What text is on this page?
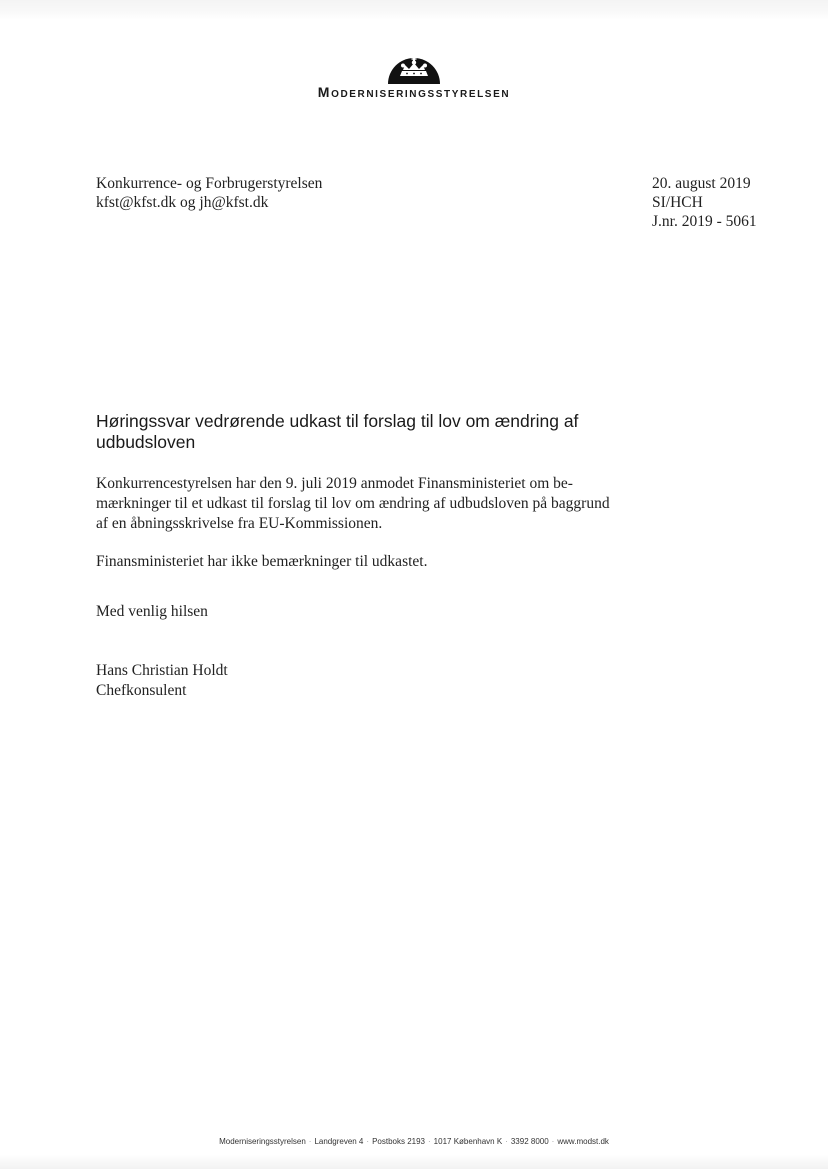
MODERNISERINGSSTYRELSEN
Konkurrence- og Forbrugerstyrelsen
kfst@kfst.dk og jh@kfst.dk
20. august 2019
SI/HCH
J.nr. 2019 - 5061
Høringssvar vedrørende udkast til forslag til lov om ændring af
udbudsloven
Konkurrencestyrelsen har den 9. juli 2019 anmodet Finansministeriet om be-
mærkninger til et udkast til forslag til lov om ændring af udbudsloven på baggrund
af en åbningsskrivelse fra EU-Kommissionen.
Finansministeriet har ikke bemærkninger til udkastet.
Med venlig hilsen
Hans Christian Holdt
Chefkonsulent
Moderniseringsstyrelsen · Landgreven 4 · Postboks 2193 · 1017 København K · 3392 8000 · www.modst.dk
